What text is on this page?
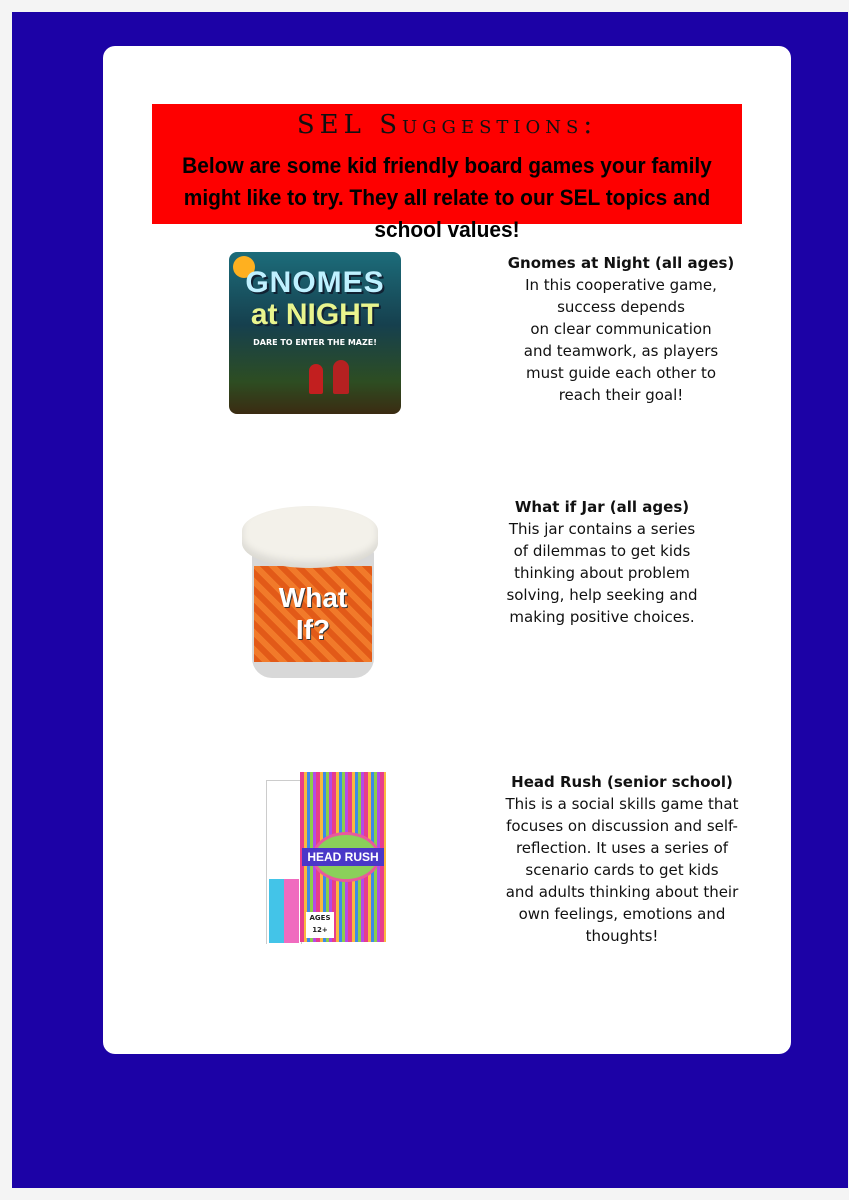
SEL Suggestions:
Below are some kid friendly board games your family might like to try. They all relate to our SEL topics and school values!
GNOMES
at NIGHT
DARE TO ENTER THE MAZE!
Gnomes at Night (all ages)
In this cooperative game,
success depends
on clear communication
and teamwork, as players
must guide each other to
reach their goal!
What
If?
What if Jar (all ages)
This jar contains a series
of dilemmas to get kids
thinking about problem
solving, help seeking and
making positive choices.
HEAD RUSH
AGES 12+
Head Rush (senior school)
This is a social skills game that
focuses on discussion and self-
reflection. It uses a series of
scenario cards to get kids
and adults thinking about their
own feelings, emotions and
thoughts!
